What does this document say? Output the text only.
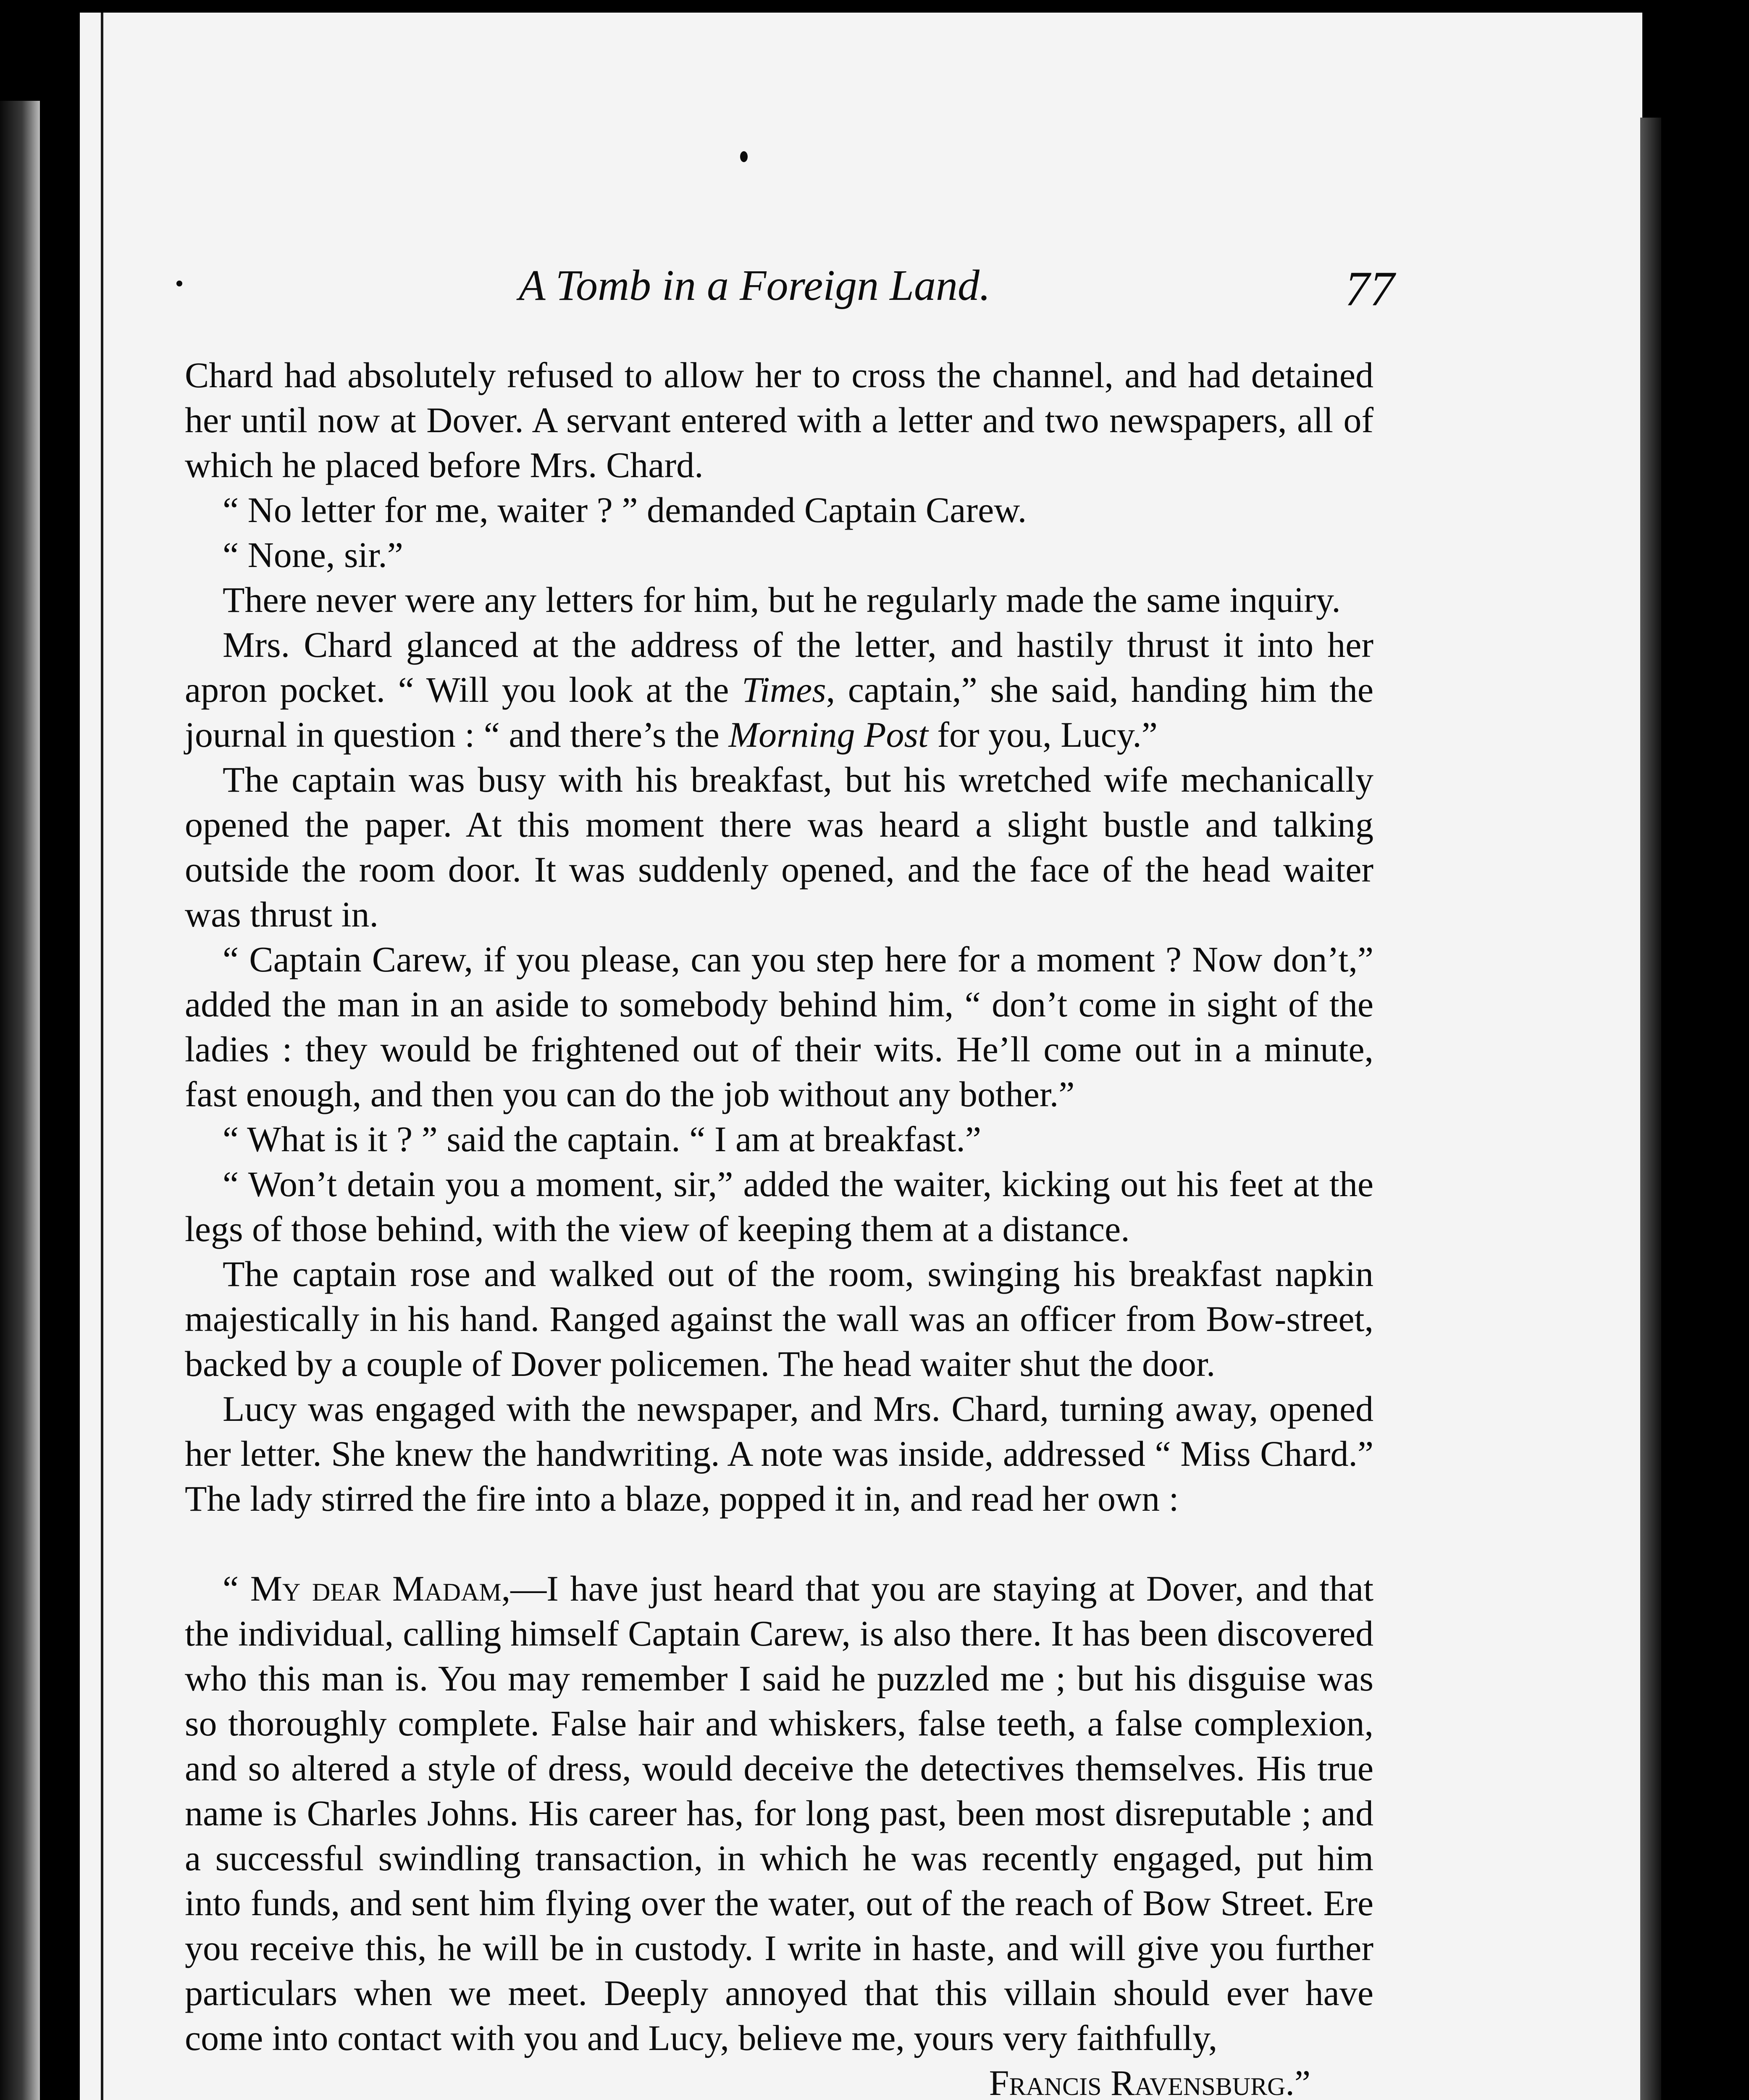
A Tomb in a Foreign Land.	77

Chard had absolutely refused to allow her to cross the channel, and had detained her until now at Dover. A servant entered with a letter and two newspapers, all of which he placed before Mrs. Chard.

“ No letter for me, waiter ? ” demanded Captain Carew.

“ None, sir.”

There never were any letters for him, but he regularly made the same inquiry.

Mrs. Chard glanced at the address of the letter, and hastily thrust it into her apron pocket. “ Will you look at the Times, captain,” she said, handing him the journal in question : “ and there’s the Morning Post for you, Lucy.”

The captain was busy with his breakfast, but his wretched wife mechanically opened the paper. At this moment there was heard a slight bustle and talking outside the room door. It was suddenly opened, and the face of the head waiter was thrust in.

“ Captain Carew, if you please, can you step here for a moment ? Now don’t,” added the man in an aside to somebody behind him, “ don’t come in sight of the ladies : they would be frightened out of their wits. He’ll come out in a minute, fast enough, and then you can do the job without any bother.”

“ What is it ? ” said the captain. “ I am at breakfast.”

“ Won’t detain you a moment, sir,” added the waiter, kicking out his feet at the legs of those behind, with the view of keeping them at a distance.

The captain rose and walked out of the room, swinging his breakfast napkin majestically in his hand. Ranged against the wall was an officer from Bow-street, backed by a couple of Dover policemen. The head waiter shut the door.

Lucy was engaged with the newspaper, and Mrs. Chard, turning away, opened her letter. She knew the handwriting. A note was inside, addressed “ Miss Chard.” The lady stirred the fire into a blaze, popped it in, and read her own :

“ My dear Madam,—I have just heard that you are staying at Dover, and that the individual, calling himself Captain Carew, is also there. It has been discovered who this man is. You may remember I said he puzzled me ; but his disguise was so thoroughly complete. False hair and whiskers, false teeth, a false complexion, and so altered a style of dress, would deceive the detectives themselves. His true name is Charles Johns. His career has, for long past, been most disreputable ; and a successful swindling transaction, in which he was recently engaged, put him into funds, and sent him flying over the water, out of the reach of Bow Street. Ere you receive this, he will be in custody. I write in haste, and will give you further particulars when we meet. Deeply annoyed that this villain should ever have come into contact with you and Lucy, believe me, yours very faithfully,
Francis Ravensburg.”
